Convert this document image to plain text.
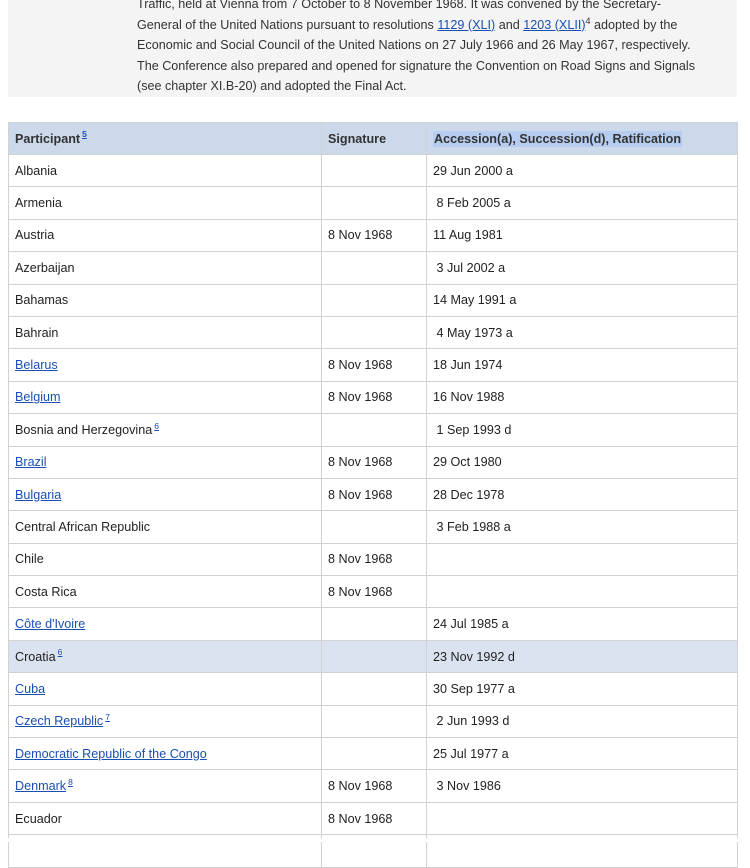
Traffic, held at Vienna from 7 October to 8 November 1968. It was convened by the Secretary-
General of the United Nations pursuant to resolutions 1129 (XLI) and 1203 (XLII)$^4$ adopted by the
Economic and Social Council of the United Nations on 27 July 1966 and 26 May 1967, respectively.
The Conference also prepared and opened for signature the Convention on Road Signs and Signals
(see chapter XI.B-20) and adopted the Final Act.

Participant $^5$	Signature	Accession(a), Succession(d), Ratification
Albania		29 Jun 2000 a
Armenia		8 Feb 2005 a
Austria	8 Nov 1968	11 Aug 1981
Azerbaijan		3 Jul 2002 a
Bahamas		14 May 1991 a
Bahrain		4 May 1973 a
Belarus	8 Nov 1968	18 Jun 1974
Belgium	8 Nov 1968	16 Nov 1988
Bosnia and Herzegovina $^6$		1 Sep 1993 d
Brazil	8 Nov 1968	29 Oct 1980
Bulgaria	8 Nov 1968	28 Dec 1978
Central African Republic		3 Feb 1988 a
Chile	8 Nov 1968	
Costa Rica	8 Nov 1968	
Côte d'Ivoire		24 Jul 1985 a
Croatia $^6$		23 Nov 1992 d
Cuba		30 Sep 1977 a
Czech Republic $^7$		2 Jun 1993 d
Democratic Republic of the Congo		25 Jul 1977 a
Denmark $^8$	8 Nov 1968	3 Nov 1986
Ecuador	8 Nov 1968	
